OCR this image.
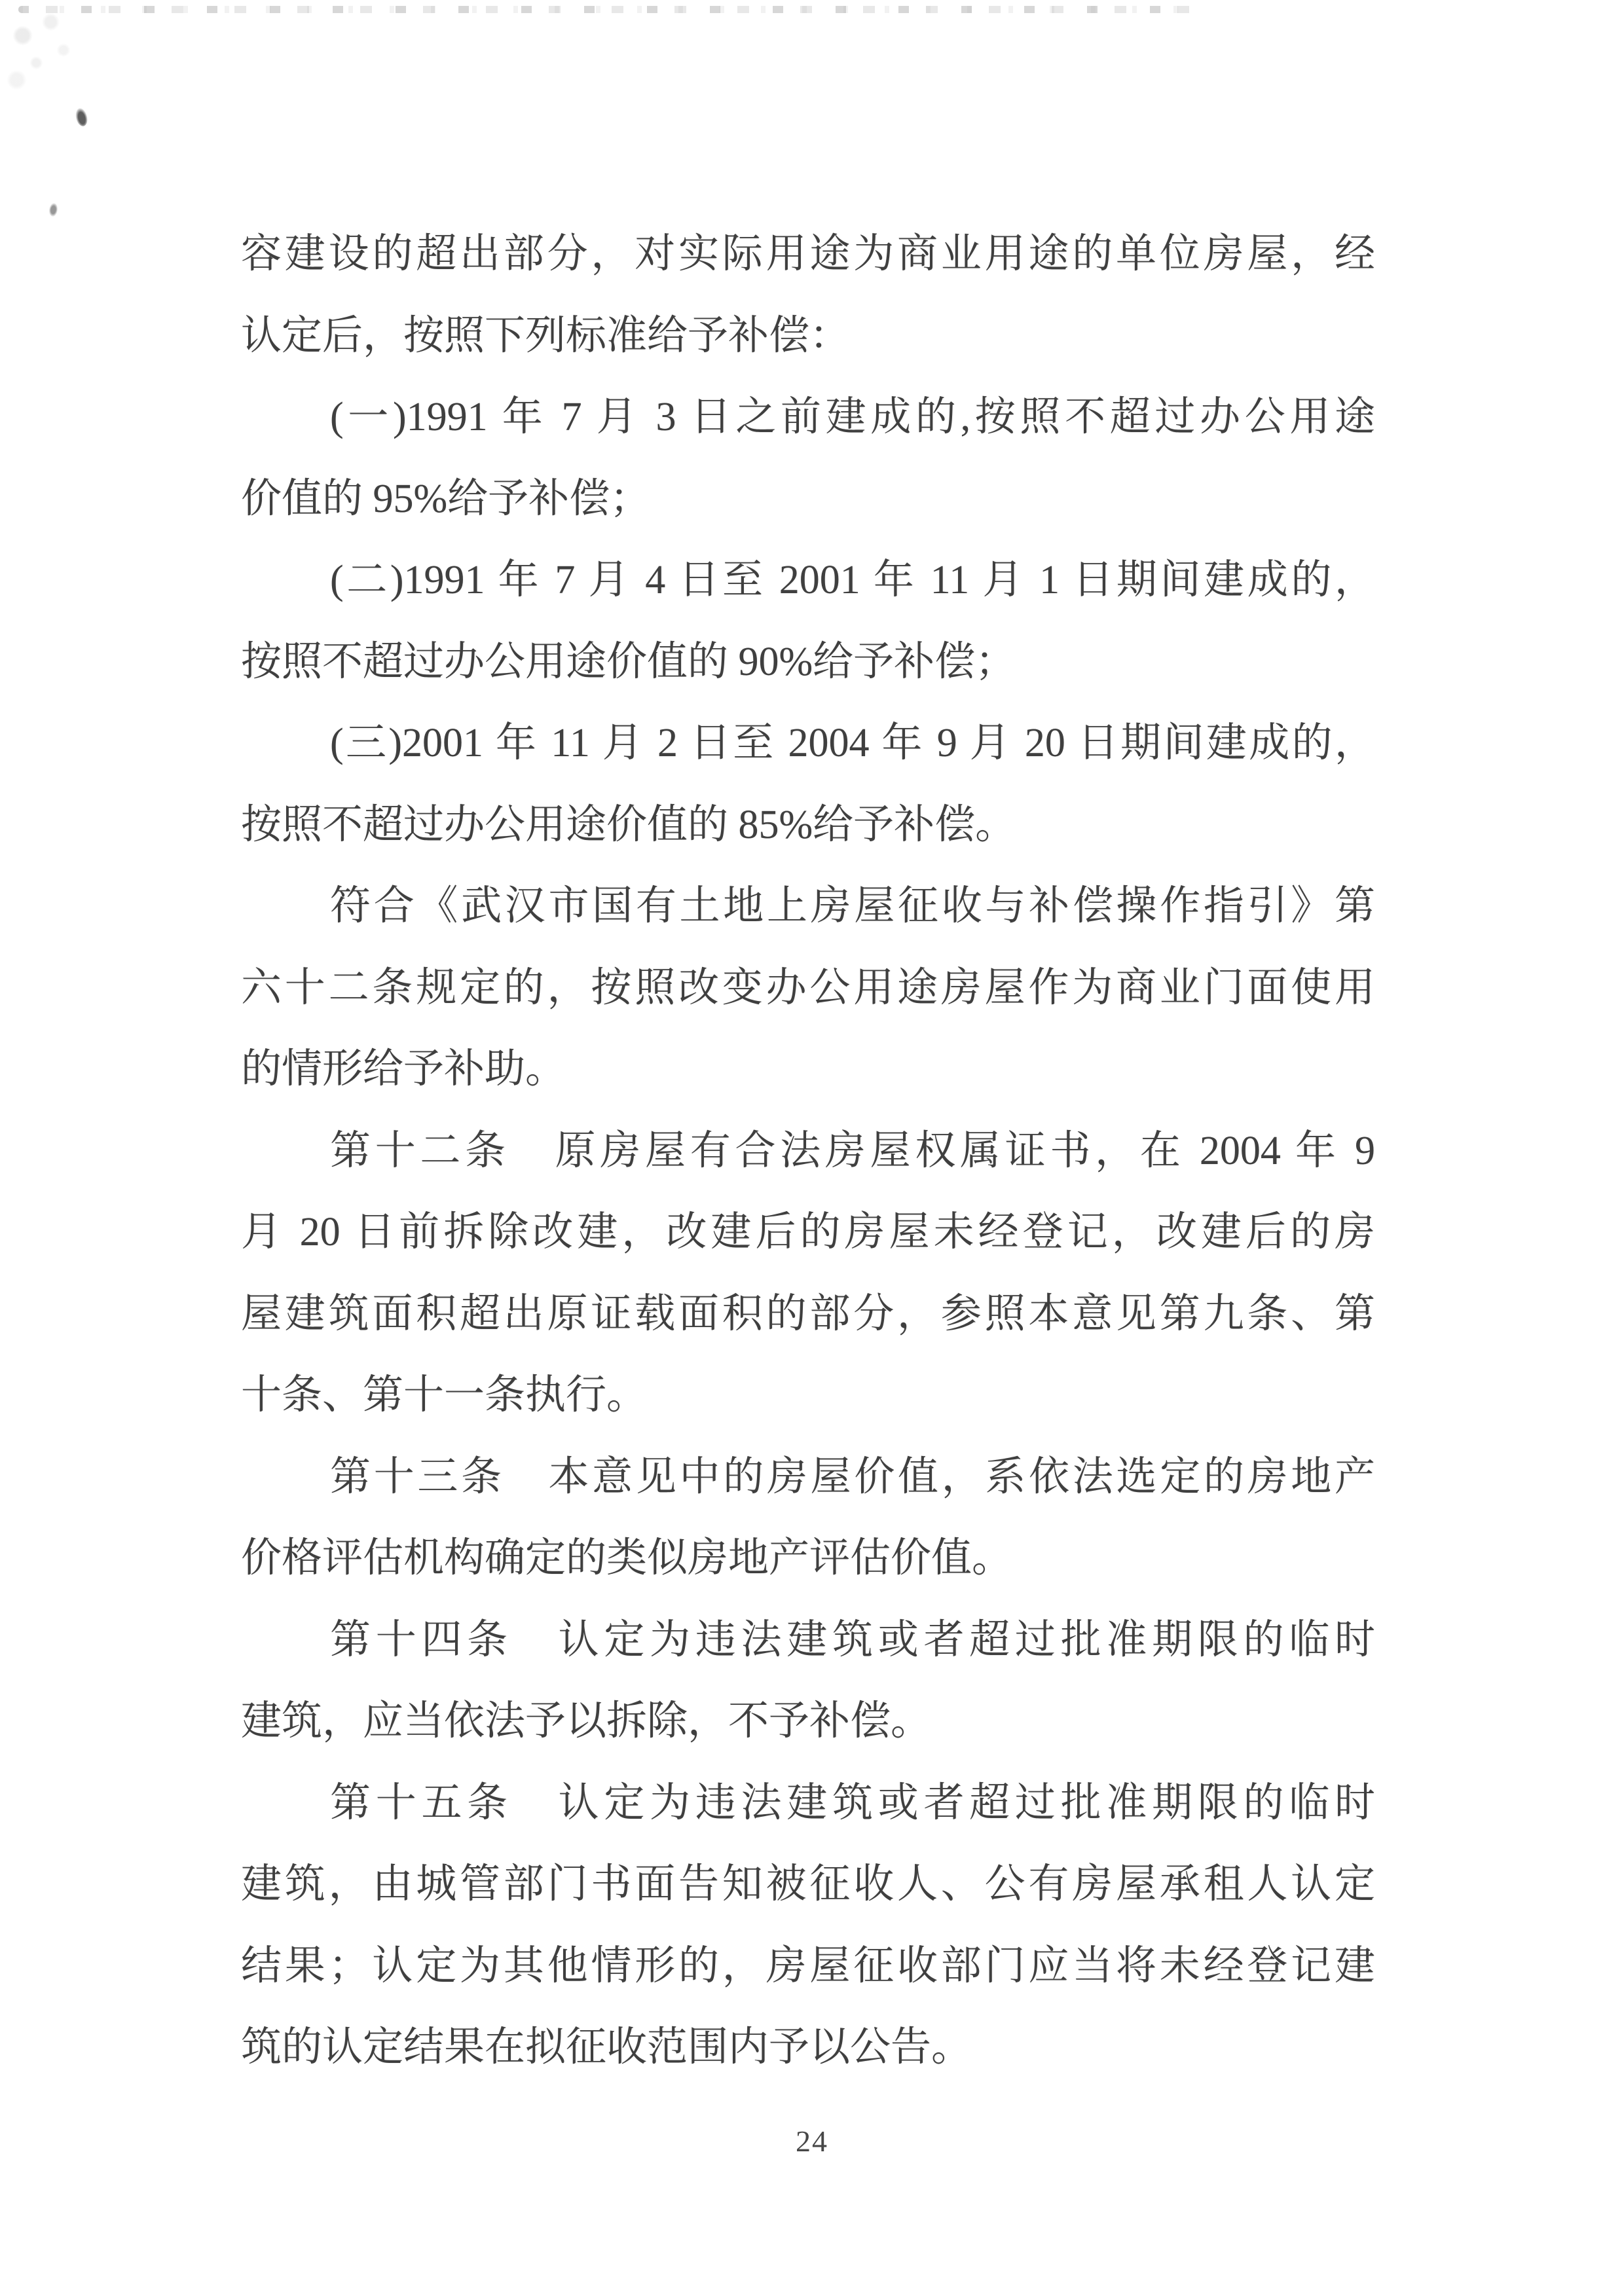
容建设的超出部分，对实际用途为商业用途的单位房屋，经

认定后，按照下列标准给予补偿：

(一)1991 年 7 月 3 日之前建成的,按照不超过办公用途

价值的 95%给予补偿；

(二)1991 年 7 月 4 日至 2001 年 11 月 1 日期间建成的，

按照不超过办公用途价值的 90%给予补偿；

(三)2001 年 11 月 2 日至 2004 年 9 月 20 日期间建成的，

按照不超过办公用途价值的 85%给予补偿。

符合《武汉市国有土地上房屋征收与补偿操作指引》第

六十二条规定的，按照改变办公用途房屋作为商业门面使用

的情形给予补助。

第十二条　原房屋有合法房屋权属证书，在 2004 年 9

月 20 日前拆除改建，改建后的房屋未经登记，改建后的房

屋建筑面积超出原证载面积的部分，参照本意见第九条、第

十条、第十一条执行。

第十三条　本意见中的房屋价值，系依法选定的房地产

价格评估机构确定的类似房地产评估价值。

第十四条　认定为违法建筑或者超过批准期限的临时

建筑，应当依法予以拆除，不予补偿。

第十五条　认定为违法建筑或者超过批准期限的临时

建筑，由城管部门书面告知被征收人、公有房屋承租人认定

结果；认定为其他情形的，房屋征收部门应当将未经登记建

筑的认定结果在拟征收范围内予以公告。

24
